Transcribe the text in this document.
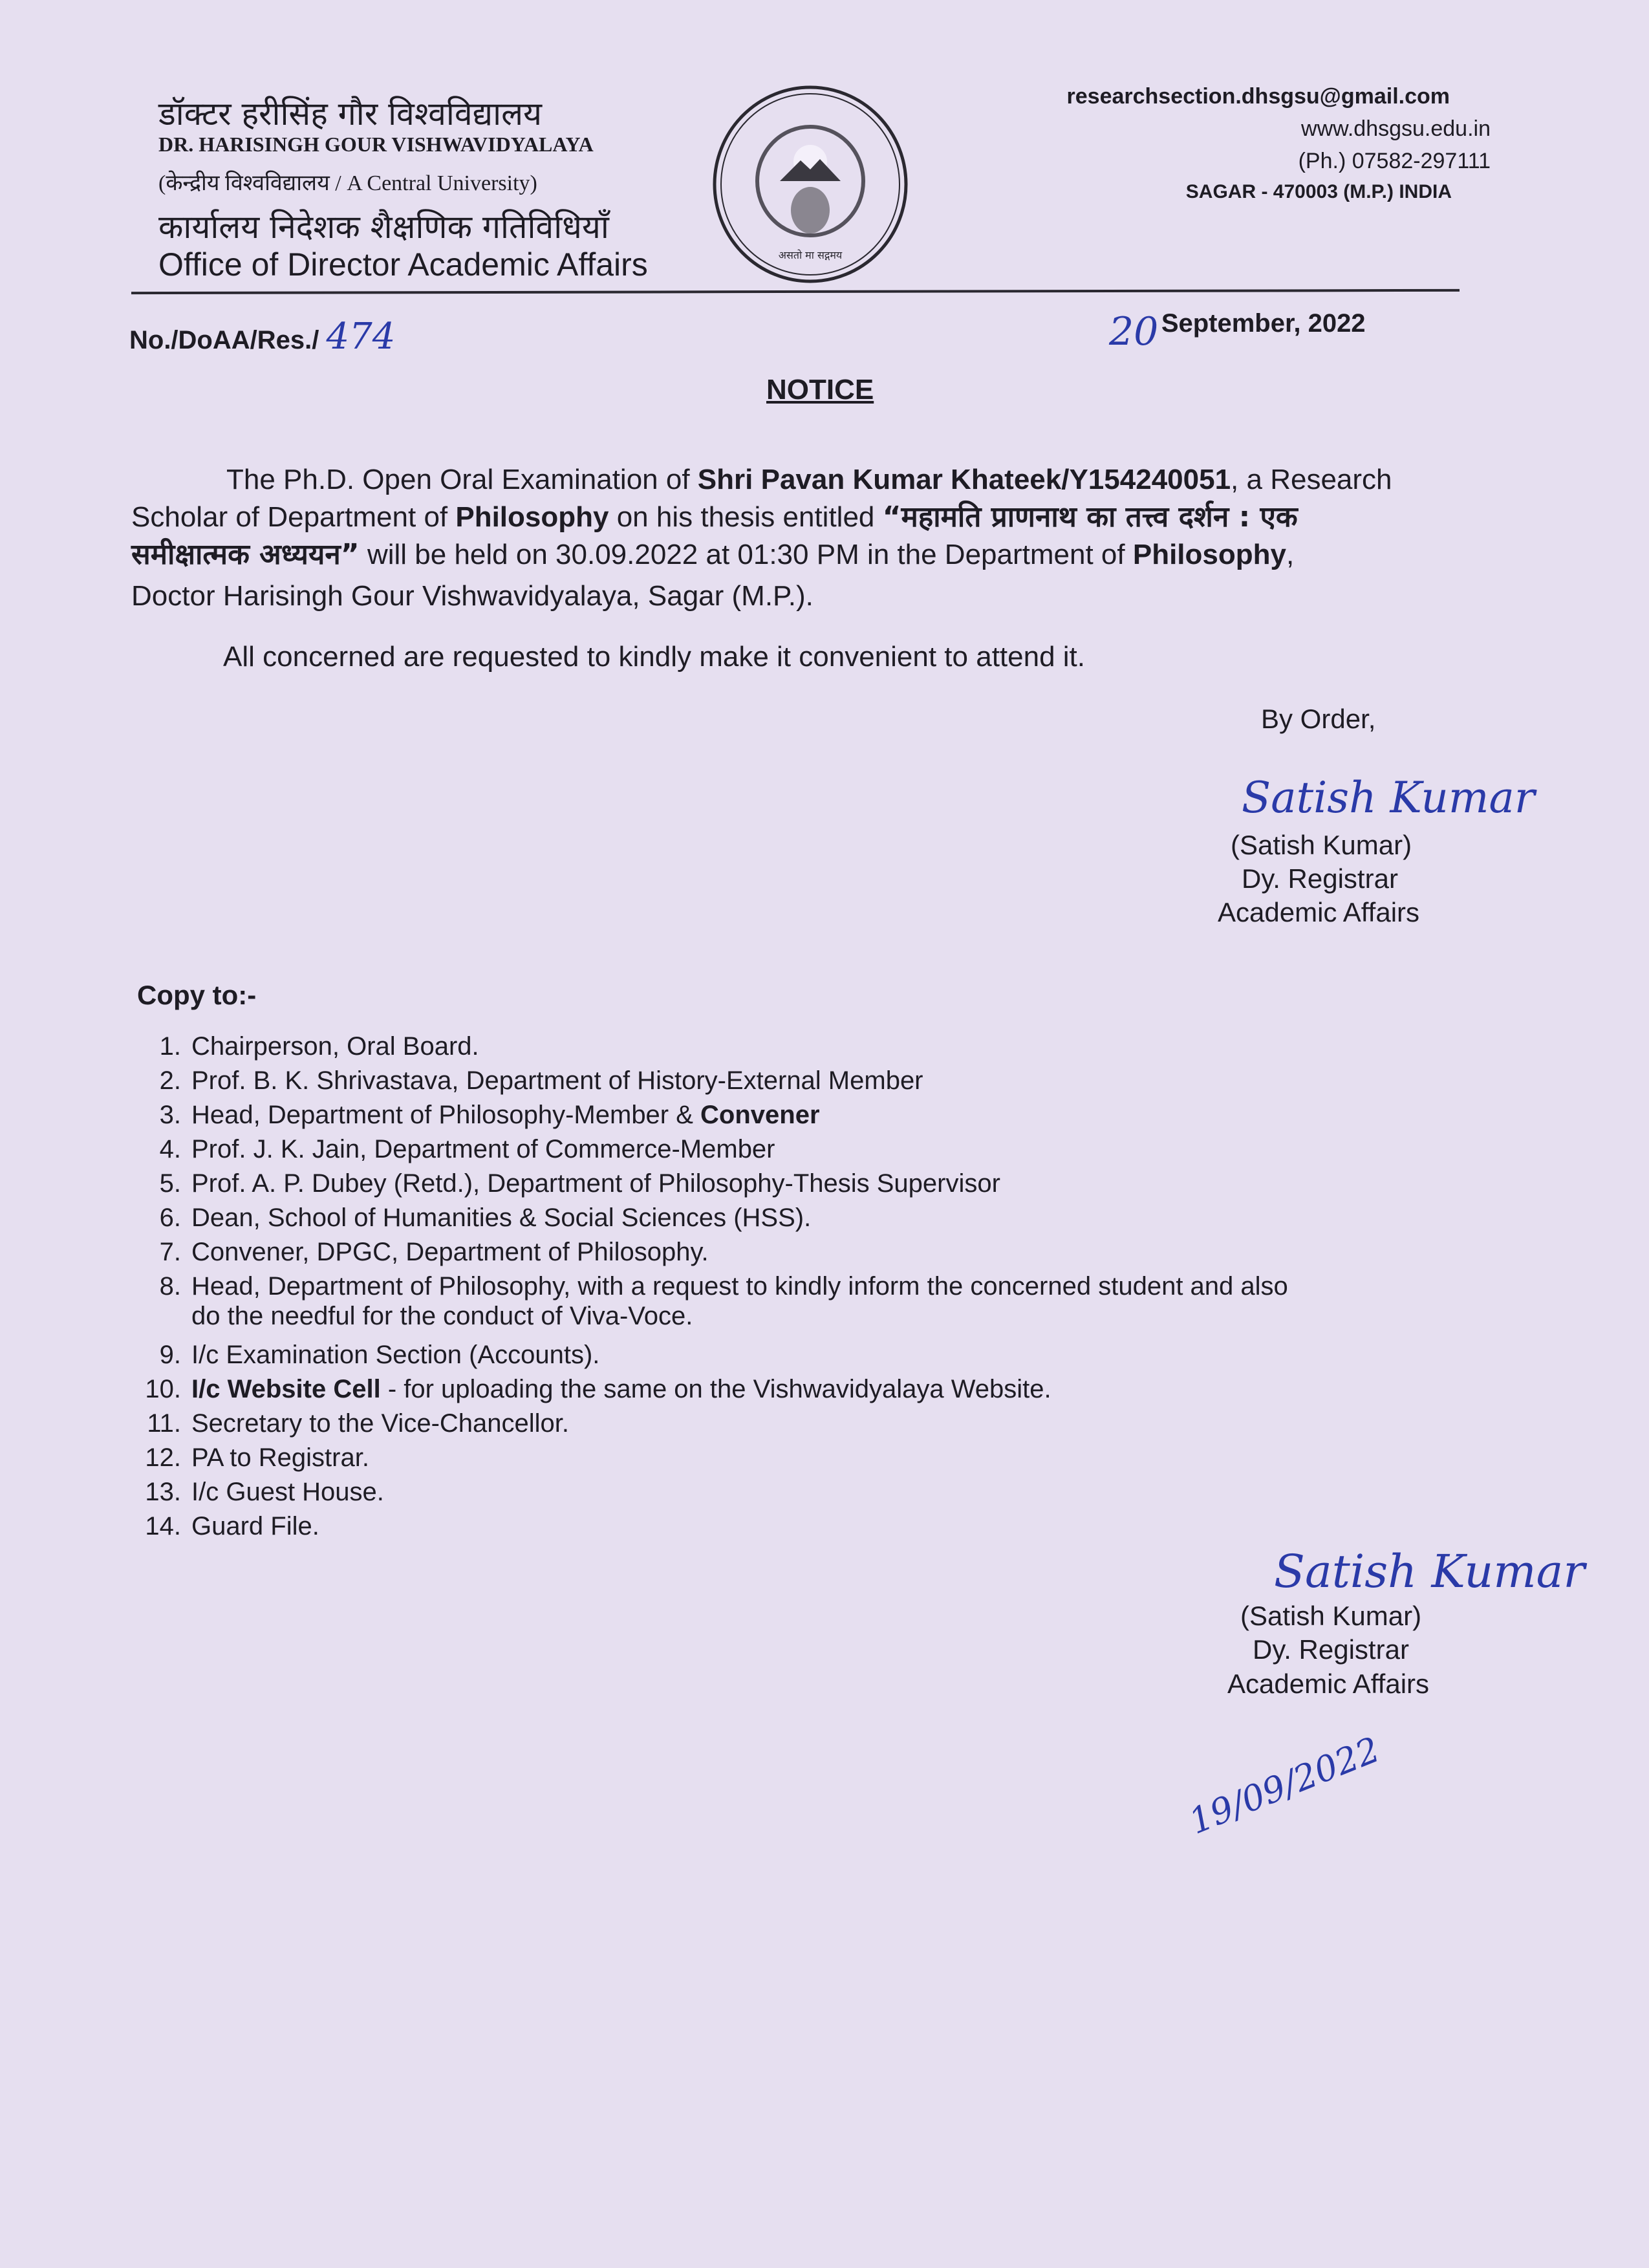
डॉक्टर हरीसिंह गौर विश्वविद्यालय
DR. HARISINGH GOUR VISHWAVIDYALAYA
(केन्द्रीय विश्वविद्यालय / A Central University)
कार्यालय निदेशक शैक्षणिक गतिविधियाँ
Office of Director Academic Affairs	असतो मा सद्गमय
researchsection.dhsgsu@gmail.com
www.dhsgsu.edu.in
(Ph.) 07582-297111
SAGAR - 470003 (M.P.) INDIA
No./DoAA/Res./ 474	20 September, 2022
NOTICE
The Ph.D. Open Oral Examination of Shri Pavan Kumar Khateek/Y154240051, a Research
Scholar of Department of Philosophy on his thesis entitled “महामति प्राणनाथ का तत्त्व दर्शन : एक
समीक्षात्मक अध्ययन” will be held on 30.09.2022 at 01:30 PM in the Department of Philosophy,
Doctor Harisingh Gour Vishwavidyalaya, Sagar (M.P.).
All concerned are requested to kindly make it convenient to attend it.
By Order,
Satish Kumar
(Satish Kumar)
Dy. Registrar
Academic Affairs
Copy to:-
1. Chairperson, Oral Board.
2. Prof. B. K. Shrivastava, Department of History-External Member
3. Head, Department of Philosophy-Member & Convener
4. Prof. J. K. Jain, Department of Commerce-Member
5. Prof. A. P. Dubey (Retd.), Department of Philosophy-Thesis Supervisor
6. Dean, School of Humanities & Social Sciences (HSS).
7. Convener, DPGC, Department of Philosophy.
8. Head, Department of Philosophy, with a request to kindly inform the concerned student and also
do the needful for the conduct of Viva-Voce.
9. I/c Examination Section (Accounts).
10. I/c Website Cell - for uploading the same on the Vishwavidyalaya Website.
11. Secretary to the Vice-Chancellor.
12. PA to Registrar.
13. I/c Guest House.
14. Guard File.
Satish Kumar
(Satish Kumar)
Dy. Registrar
Academic Affairs
19/09/2022
